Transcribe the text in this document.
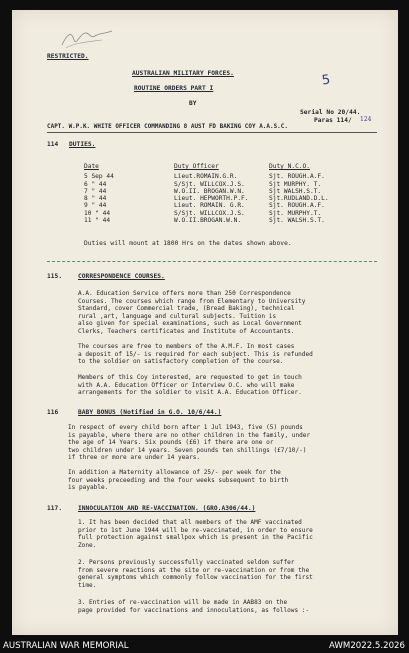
RESTRICTED.
AUSTRALIAN MILITARY FORCES.
ROUTINE ORDERS PART I
BY
5
Serial No 20/44.
Paras 114/ 124
CAPT. W.P.K. WHITE OFFICER COMMANDING 8 AUST FD BAKING COY A.A.S.C.
114 DUTIES.
Date	Duty Officer	Duty N.C.O.
5 Sep 44	Lieut.ROMAIN.G.R.	Sjt. ROUGH.A.F.
6 " 44	S/Sjt. WILLCOX.J.S.	Sjt MURPHY. T.
7 " 44	W.O.II. BROGAN.W.N.	Sjt WALSH.S.T.
8 " 44	Lieut. HEPWORTH.P.F.	Sjt.RUDLAND.D.L.
9 " 44	Lieut. ROMAIN. G.R.	Sjt. ROUGH.A.F.
10 " 44	S/Sjt. WILLCOX.J.S.	Sjt. MURPHY.T.
11 " 44	W.O.II.BROGAN.W.N.	Sjt. WALSH.S.T.
Duties will mount at 1800 Hrs on the dates shown above.
115.	CORRESPONDENCE COURSES.
A.A. Education Service offers more than 250 Correspondence
Courses. The courses which range from Elementary to University
Standard, cover Commercial trade, (Bread Baking), technical
rural ,art, language and cultural subjects. Tuition is
also given for special examinations, such as Local Government
Clerks, Teachers certificates and Institute of Accountants.
The courses are free to members of the A.M.F. In most cases
a deposit of 15/- is required for each subject. This is refunded
to the soldier on satisfactory completion of the course.
Members of this Coy interested, are requested to get in touch
with A.A. Education Officer or Interview O.C. who will make
arrangements for the soldier to visit A.A. Education Officer.
116	BABY BONUS (Notified in G.O. 10/6/44.)
In respect of every child born after 1 Jul 1943, five (5) pounds
is payable, where there are no other children in the family, under
the age of 14 Years. Six pounds (£6) if there are one or
two children under 14 years. Seven pounds ten shillings (£7/10/-)
if three or more are under 14 years.
In addition a Maternity allowance of 25/- per week for the
four weeks preceeding and the four weeks subsequent to birth
is payable.
117.	INNOCULATION AND RE-VACCINATION. (GRO.A306/44.)
1. It has been decided that all members of the AMF vaccinated
prior to 1st June 1944 will be re-vaccinated, in order to ensure
full protection against smallpox which is present in the Pacific
Zone.
2. Persons previously successfully vaccinated seldom suffer
from severe reactions at the site or re-vaccination or from the
general symptoms which commonly follow vaccination for the first
time.
3. Entries of re-vaccination will be made in AAB83 on the
page provided for vaccinations and innoculations, as follows :-
AUSTRALIAN WAR MEMORIAL	AWM2022.5.2026
